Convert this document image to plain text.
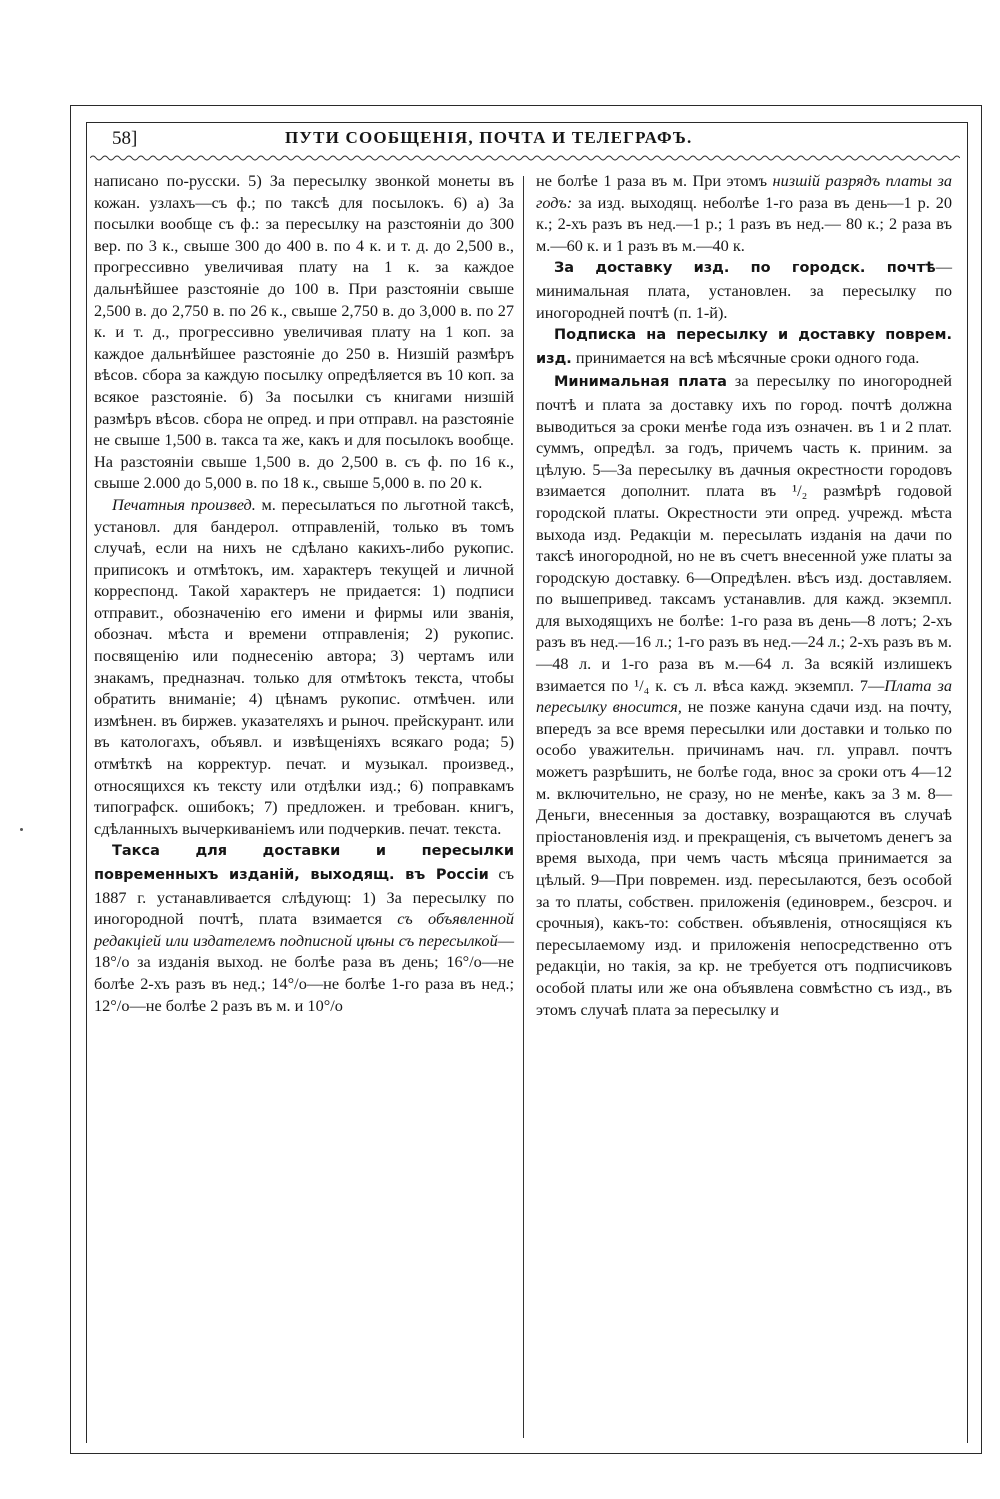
58]	ПУТИ СООБЩЕНІЯ, ПОЧТА И ТЕЛЕГРАФЪ.

написано по-русски. 5) За пересылку звонкой монеты въ кожан. узлахъ—съ ф.; по таксѣ для посылокъ. 6) а) За посылки вообще съ ф.: за пересылку на разстояніи до 300 вер. по 3 к., свыше 300 до 400 в. по 4 к. и т. д. до 2,500 в., прогрессивно увеличивая плату на 1 к. за каждое дальнѣйшее разстояніе до 100 в. При разстояніи свыше 2,500 в. до 2,750 в. по 26 к., свыше 2,750 в. до 3,000 в. по 27 к. и т. д., прогрессивно увеличивая плату на 1 коп. за каждое дальнѣйшее разстояніе до 250 в. Низшій размѣръ вѣсов. сбора за каждую посылку опредѣляется въ 10 коп. за всякое разстояніе. б) За посылки съ книгами низшій размѣръ вѣсов. сбора не опред. и при отправл. на разстояніе не свыше 1,500 в. такса та же, какъ и для посылокъ вообще. На разстояніи свыше 1,500 в. до 2,500 в. съ ф. по 16 к., свыше 2.000 до 5,000 в. по 18 к., свыше 5,000 в. по 20 к.

Печатныя произвед. м. пересылаться по льготной таксѣ, установл. для бандерол. отправленій, только въ томъ случаѣ, если на нихъ не сдѣлано какихъ-либо рукопис. приписокъ и отмѣтокъ, им. характеръ текущей и личной корреспонд. Такой характеръ не придается: 1) подписи отправит., обозначенію его имени и фирмы или званія, обознач. мѣста и времени отправленія; 2) рукопис. посвященію или поднесенію автора; 3) чертамъ или знакамъ, предназнач. только для отмѣтокъ текста, чтобы обратить вниманіе; 4) цѣнамъ рукопис. отмѣчен. или измѣнен. въ биржев. указателяхъ и рыноч. прейскурант. или въ катологахъ, объявл. и извѣщеніяхъ всякаго рода; 5) отмѣткѣ на корректур. печат. и музыкал. произвед., относящихся къ тексту или отдѣлки изд.; 6) поправкамъ типографск. ошибокъ; 7) предложен. и требован. книгъ, сдѣланныхъ вычеркиваніемъ или подчеркив. печат. текста.

Такса для доставки и пересылки повременныхъ изданій, выходящ. въ Россіи съ 1887 г. устанавливается слѣдующ: 1) За пересылку по иногородной почтѣ, плата взимается съ объявленной редакціей или издателемъ подписной цѣны съ пересылкой—18°/о за изданія выход. не болѣе раза въ день; 16°/о—не болѣе 2-хъ разъ въ нед.; 14°/о—не болѣе 1-го раза въ нед.; 12°/о—не болѣе 2 разъ въ м. и 10°/о

не болѣе 1 раза въ м. При этомъ низшій разрядъ платы за годъ: за изд. выходящ. неболѣе 1-го раза въ день—1 р. 20 к.; 2-хъ разъ въ нед.—1 р.; 1 разъ въ нед.— 80 к.; 2 раза въ м.—60 к. и 1 разъ въ м.—40 к.

За доставку изд. по городск. почтѣ—минимальная плата, установлен. за пересылку по иногородней почтѣ (п. 1-й).

Подписка на пересылку и доставку поврем. изд. принимается на всѣ мѣсячные сроки одного года.

Минимальная плата за пересылку по иногородней почтѣ и плата за доставку ихъ по город. почтѣ должна выводиться за сроки менѣе года изъ означен. въ 1 и 2 плат. суммъ, опредѣл. за годъ, причемъ часть к. приним. за цѣлую. 5—За пересылку въ дачныя окрестности городовъ взимается дополнит. плата въ ¹/₂ размѣрѣ годовой городской платы. Окрестности эти опред. учрежд. мѣста выхода изд. Редакціи м. пересылать изданія на дачи по таксѣ иногородной, но не въ счетъ внесенной уже платы за городскую доставку. 6—Опредѣлен. вѣсъ изд. доставляем. по вышепривед. таксамъ устанавлив. для кажд. экземпл. для выходящихъ не болѣе: 1-го раза въ день—8 лотъ; 2-хъ разъ въ нед.—16 л.; 1-го разъ въ нед.—24 л.; 2-хъ разъ въ м.—48 л. и 1-го раза въ м.—64 л. За всякій излишекъ взимается по ¹/₄ к. съ л. вѣса кажд. экземпл. 7—Плата за пересылку вносится, не позже кануна сдачи изд. на почту, впередъ за все время пересылки или доставки и только по особо уважительн. причинамъ нач. гл. управл. почтъ можетъ разрѣшить, не болѣе года, внос за сроки отъ 4—12 м. включительно, не сразу, но не менѣе, какъ за 3 м. 8—Деньги, внесенныя за доставку, возращаются въ случаѣ пріостановленія изд. и прекращенія, съ вычетомъ денегъ за время выхода, при чемъ часть мѣсяца принимается за цѣлый. 9—При повремен. изд. пересылаются, безъ особой за то платы, собствен. приложенія (единоврем., безсроч. и срочныя), какъ-то: собствен. объявленія, относящіяся къ пересылаемому изд. и приложенія непосредственно отъ редакціи, но такія, за кр. не требуется отъ подписчиковъ особой платы или же она объявлена совмѣстно съ изд., въ этомъ случаѣ плата за пересылку и
